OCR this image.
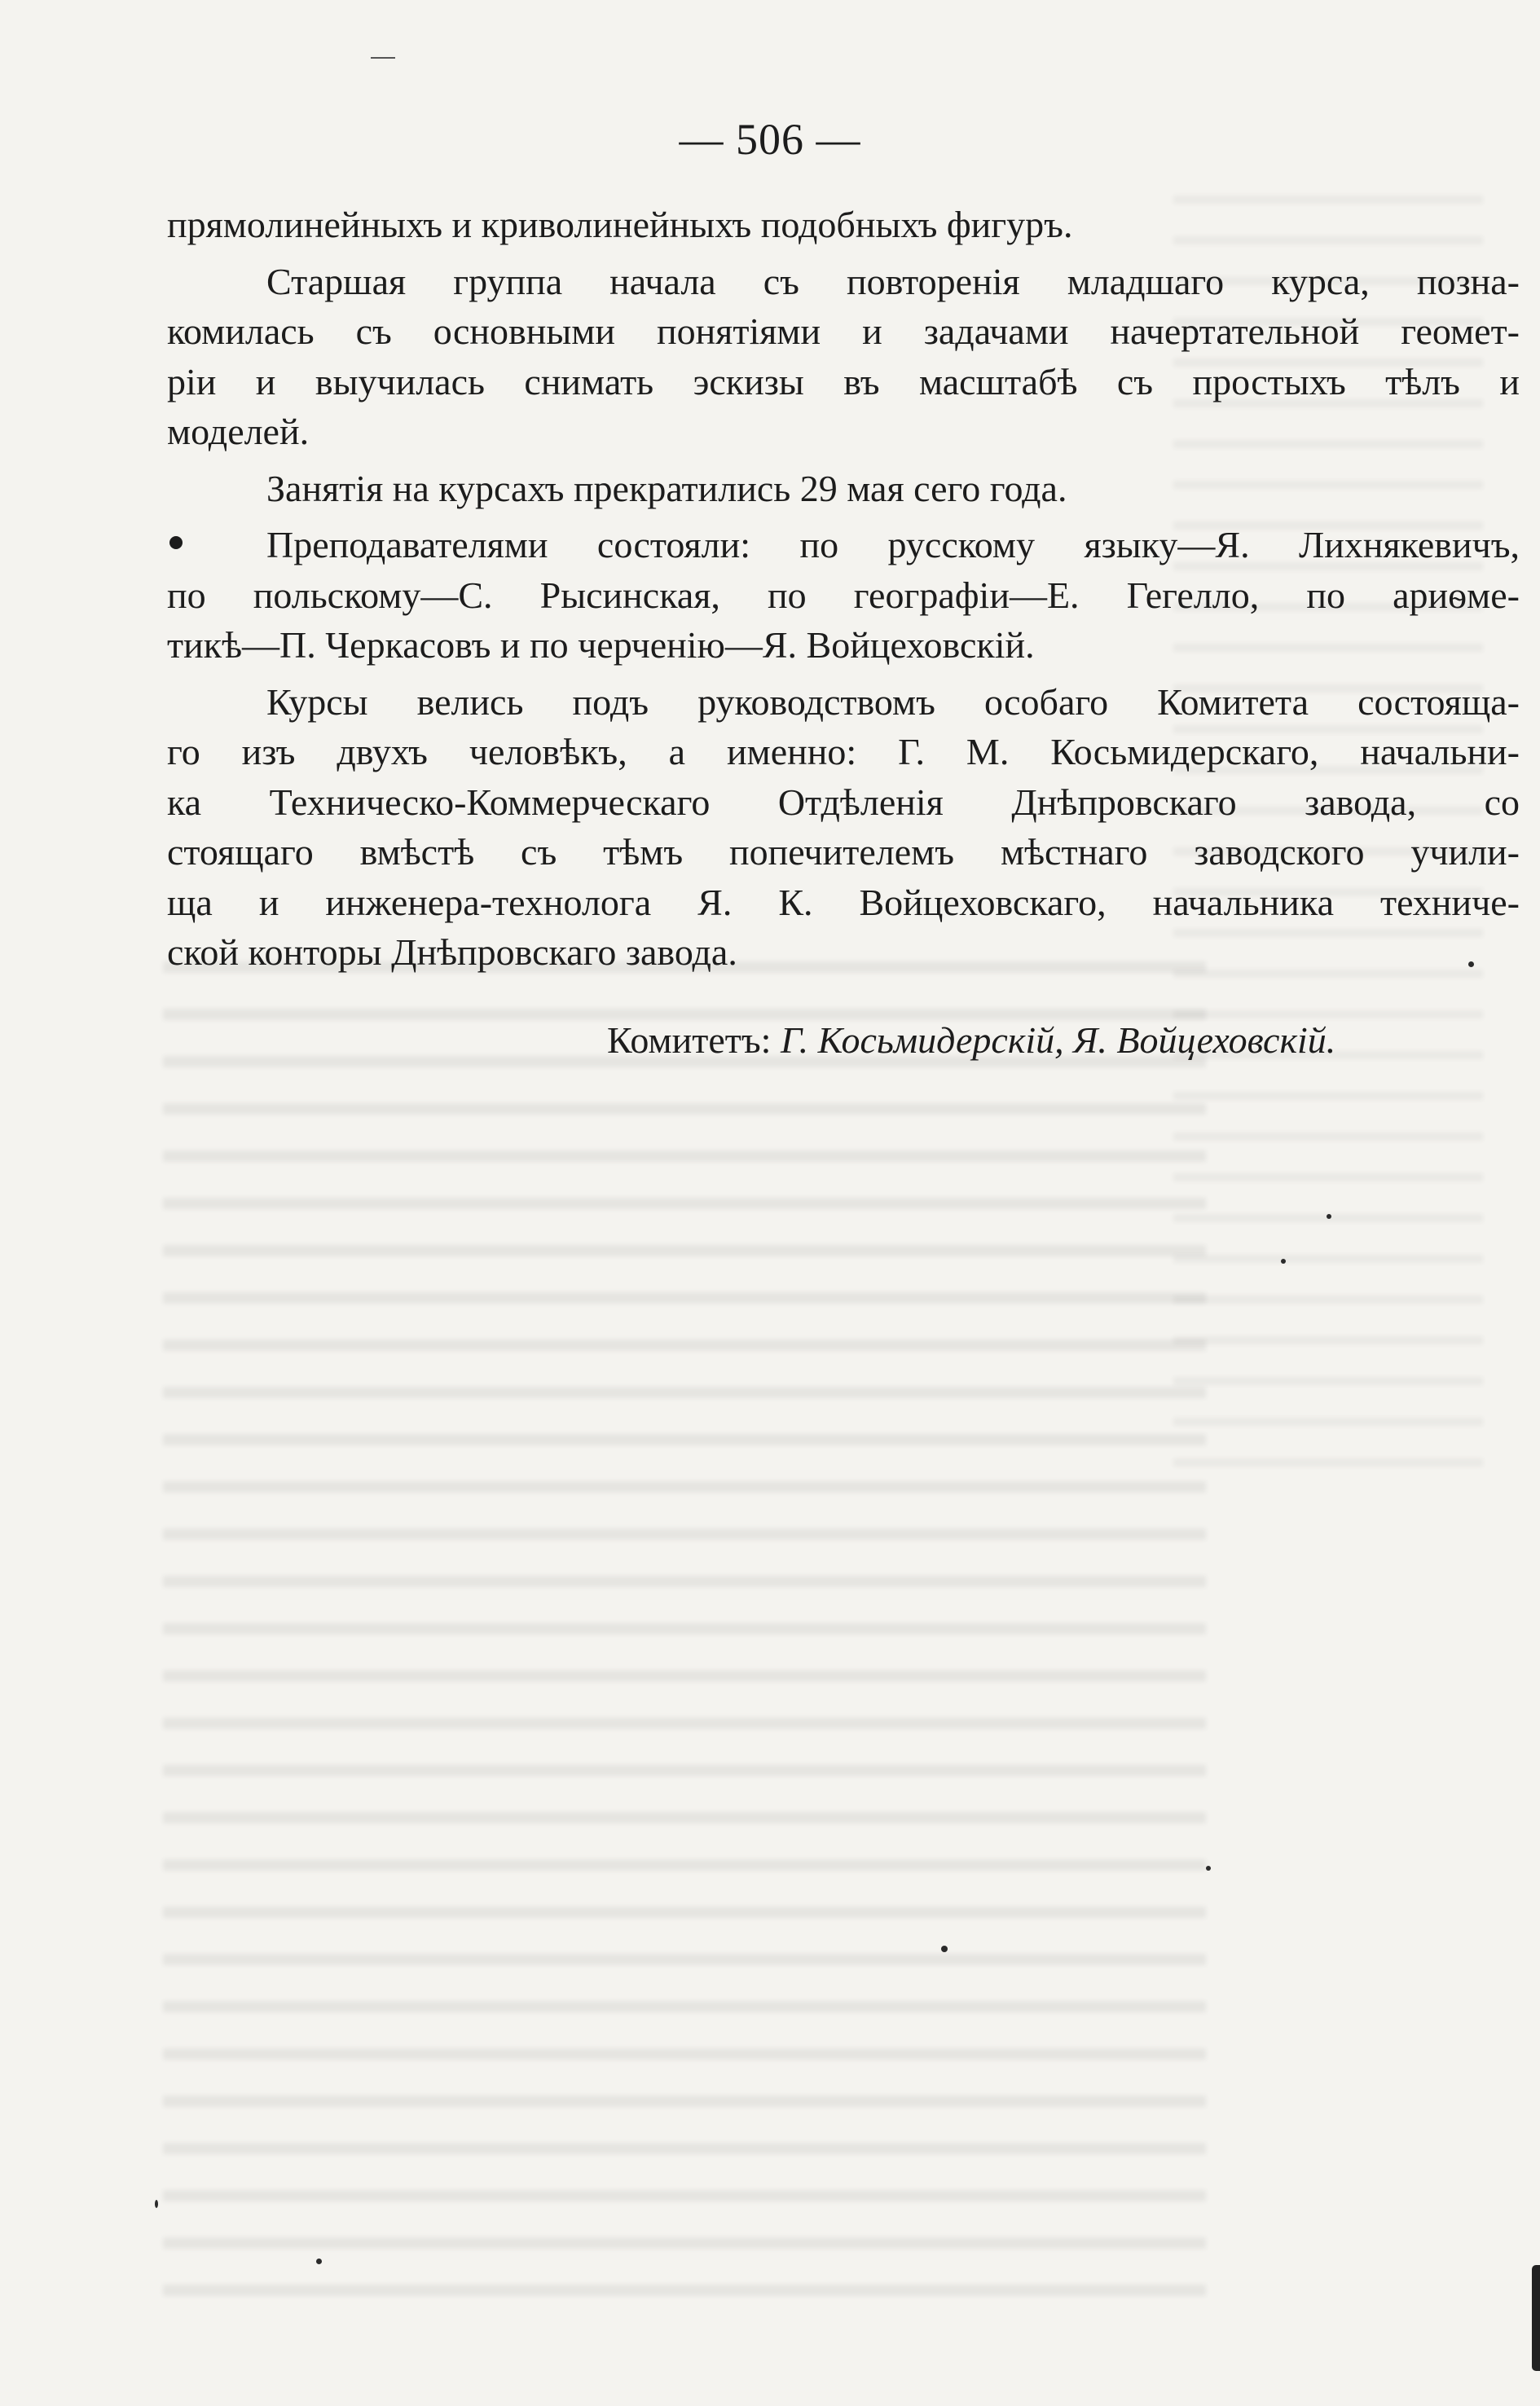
— 506 —
прямолинейныхъ и криволинейныхъ подобныхъ фигуръ.
Старшая группа начала съ повторенія младшаго курса, позна-
комилась съ основными понятіями и задачами начертательной геомет-
ріи и выучилась снимать эскизы въ масштабѣ съ простыхъ тѣлъ и
моделей.
Занятія на курсахъ прекратились 29 мая сего года.
Преподавателями состояли: по русскому языку—Я. Лихнякевичъ,
по польскому—С. Рысинская, по географіи—Е. Гегелло, по ариѳме-
тикѣ—П. Черкасовъ и по черченію—Я. Войцеховскій.
Курсы велись подъ руководствомъ особаго Комитета состояща-
го изъ двухъ человѣкъ, а именно: Г. М. Косьмидерскаго, начальни-
ка Техническо-Коммерческаго Отдѣленія Днѣпровскаго завода, со
стоящаго вмѣстѣ съ тѣмъ попечителемъ мѣстнаго заводского учили-
ща и инженера-технолога Я. К. Войцеховскаго, начальника техниче-
ской конторы Днѣпровскаго завода.
Комитетъ: Г. Косьмидерскій, Я. Войцеховскій.
